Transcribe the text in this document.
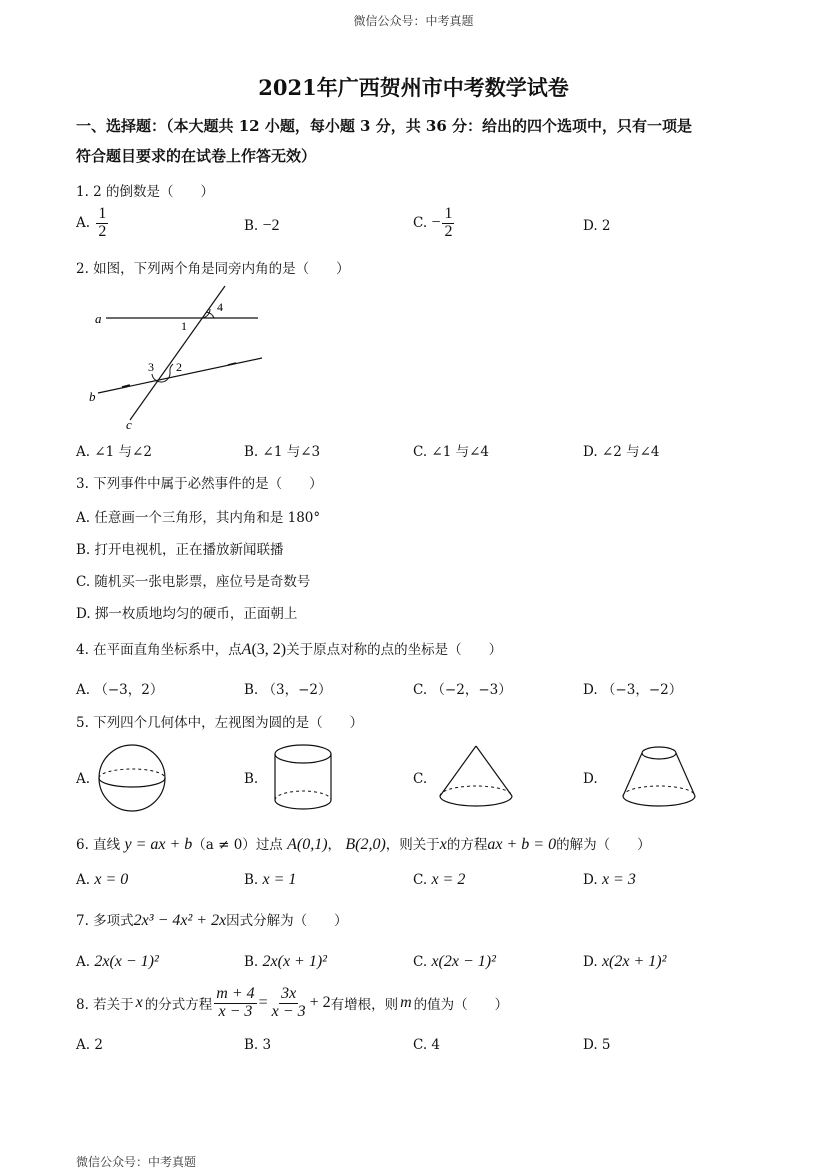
微信公众号：中考真题
微信公众号：中考真题
2021年广西贺州市中考数学试卷
一、选择题：（本大题共 12 小题，每小题 3 分，共 36 分：给出的四个选项中，只有一项是
符合题目要求的在试卷上作答无效）
1. 2 的倒数是（　　）
A. $\frac{1}{2}$	B. −2	C. − $\frac{1}{2}$	D. 2
2. 如图，下列两个角是同旁内角的是（　　）
a
b
c
1
2
3
4
A. ∠1 与∠2	B. ∠1 与∠3	C. ∠1 与∠4	D. ∠2 与∠4
3. 下列事件中属于必然事件的是（　　）
A. 任意画一个三角形，其内角和是 180°
B. 打开电视机，正在播放新闻联播
C. 随机买一张电影票，座位号是奇数号
D. 掷一枚质地均匀的硬币，正面朝上
4. 在平面直角坐标系中，点A(3, 2)关于原点对称的点的坐标是（　　）
A. （−3，2）	B. （3，−2）	C. （−2，−3）	D. （−3，−2）
5. 下列四个几何体中，左视图为圆的是（　　）
A.	B.	C.	D.
6. 直线 y = ax + b（a ≠ 0）过点 A(0,1)， B(2,0)，则关于x的方程ax + b = 0的解为（　　）
A. x = 0	B. x = 1	C. x = 2	D. x = 3
7. 多项式2x³ − 4x² + 2x因式分解为（　　）
A. 2x(x − 1)²	B. 2x(x + 1)²	C. x(2x − 1)²	D. x(2x + 1)²
8. 若关于 x 的分式方程 $\frac{m + 4}{x - 3} = \frac{3x}{x - 3} + 2$ 有增根，则 m 的值为（　　）
A. 2	B. 3	C. 4	D. 5
